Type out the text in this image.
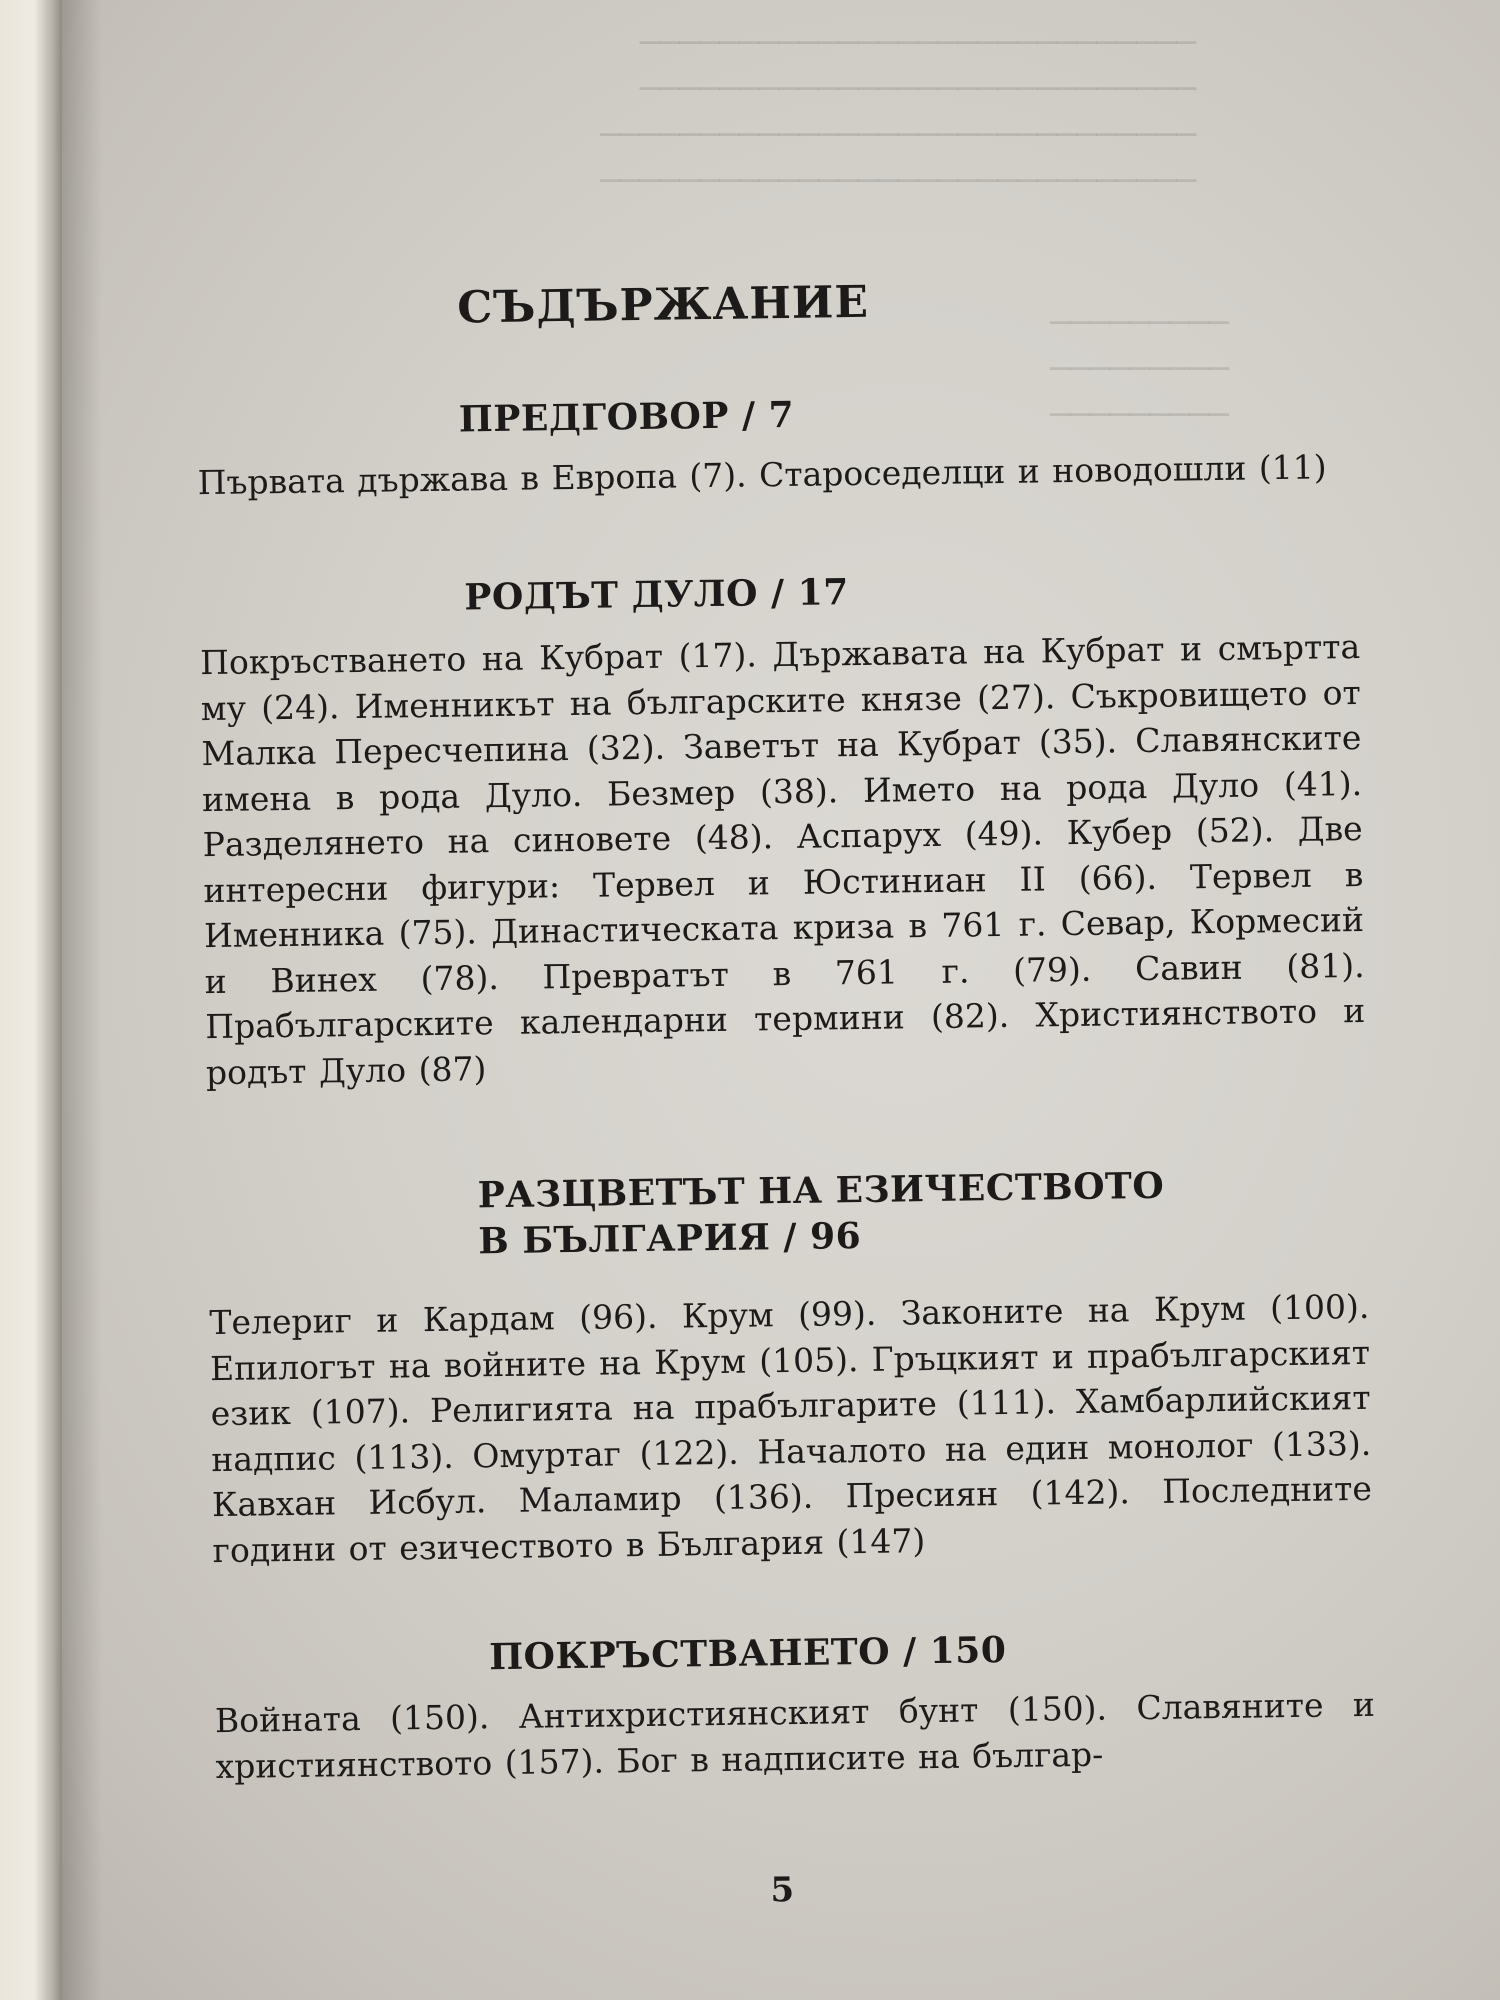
────────────────────────────
────────────────────────────
──────────────────────────────
──────────────────────────────
─────────
─────────
─────────
СЪДЪРЖАНИЕ
ПРЕДГОВОР / 7

Първата държава в Европа (7). Староседелци и новодошли (11)

РОДЪТ ДУЛО / 17

Покръстването на Кубрат (17). Държавата на Кубрат и смъртта му (24). Именникът на българските князе (27). Съкровището от Малка Пересчепина (32). Заветът на Кубрат (35). Славянските имена в рода Дуло. Безмер (38). Името на рода Дуло (41). Разделянето на синовете (48). Аспарух (49). Кубер (52). Две интересни фигури: Тервел и Юстиниан II (66). Тервел в Именника (75). Династическата криза в 761 г. Севар, Кормесий и Винех (78). Превратът в 761 г. (79). Савин (81). Прабългарските календарни термини (82). Християнството и родът Дуло (87)

РАЗЦВЕТЪТ НА ЕЗИЧЕСТВОТО
В БЪЛГАРИЯ / 96

Телериг и Кардам (96). Крум (99). Законите на Крум (100). Епилогът на войните на Крум (105). Гръцкият и прабългарският език (107). Религията на прабългарите (111). Хамбарлийският надпис (113). Омуртаг (122). Началото на един монолог (133). Кавхан Исбул. Маламир (136). Пресиян (142). Последните години от езичеството в България (147)

ПОКРЪСТВАНЕТО / 150

Войната (150). Антихристиянският бунт (150). Славяните и християнството (157). Бог в надписите на българ-

5
